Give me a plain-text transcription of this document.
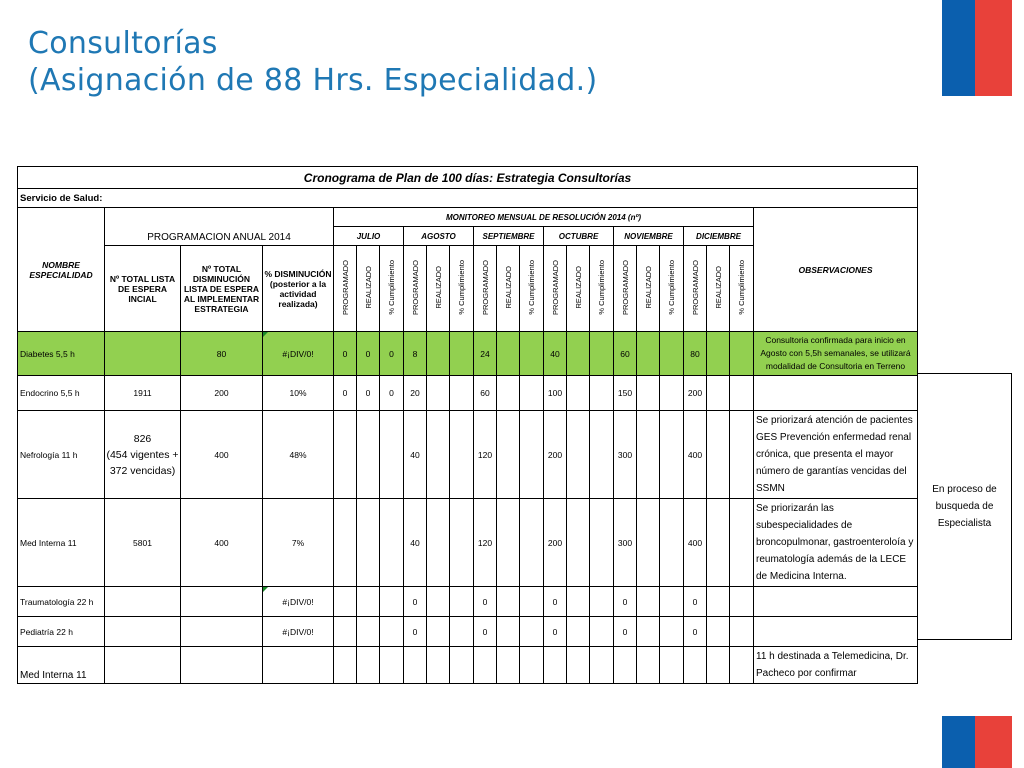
Consultorías
(Asignación de 88 Hrs. Especialidad.)
Cronograma de Plan de 100 días: Estrategia Consultorías																						
Servicio de Salud:																						
NOMBRE ESPECIALIDAD	PROGRAMACION ANUAL 2014			MONITOREO MENSUAL DE RESOLUCIÓN 2014 (nº)																		OBSERVACIONES
				JULIO			AGOSTO			SEPTIEMBRE			OCTUBRE			NOVIEMBRE			DICIEMBRE			
	Nº TOTAL LISTA DE ESPERA INCIAL	Nº TOTAL DISMINUCIÓN LISTA DE ESPERA AL IMPLEMENTAR ESTRATEGIA	% DISMINUCIÓN (posterior a la actividad realizada)	PROGRAMADO	REALIZADO	% Cumplimiento	PROGRAMADO	REALIZADO	% Cumplimiento	PROGRAMADO	REALIZADO	% Cumplimiento	PROGRAMADO	REALIZADO	% Cumplimiento	PROGRAMADO	REALIZADO	% Cumplimiento	PROGRAMADO	REALIZADO	% Cumplimiento	
Diabetes 5,5 h		80	#¡DIV/0!	0	0	0	8			24			40			60			80			Consultoria confirmada para inicio en Agosto con 5,5h semanales, se utilizará modalidad de Consultoria en Terreno
Endocrino 5,5 h	1911	200	10%	0	0	0	20			60			100			150			200			
Nefrología 11 h	826
(454 vigentes + 372 vencidas)	400	48%				40			120			200			300			400			Se priorizará atención de pacientes GES Prevención enfermedad renal crónica, que presenta el mayor número de garantías vencidas del SSMN
Med Interna 11	5801	400	7%				40			120			200			300			400			Se priorizarán las subespecialidades de broncopulmonar, gastroenterolоía y reumatología además de la LECE de Medicina Interna.
Traumatología 22 h			#¡DIV/0!				0			0			0			0			0			
Pediatría 22 h			#¡DIV/0!				0			0			0			0			0			
Med Interna 11																						11 h destinada a Telemedicina, Dr. Pacheco por confirmar
En proceso de busqueda de Especialista
